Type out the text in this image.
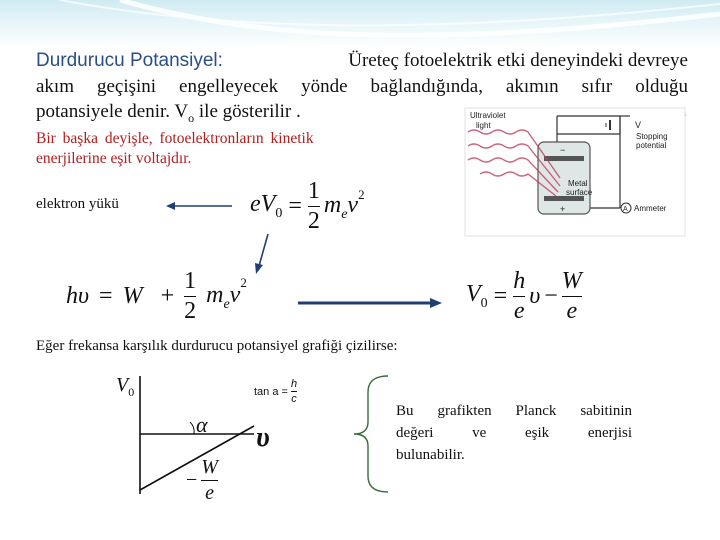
Durdurucu Potansiyel:	Üreteç fotoelektrik etki deneyindeki devreye
akım geçişini engelleyecek yönde bağlandığında, akımın sıfır olduğu
potansiyele denir. $V_o$ ile gösterilir .
Bir başka deyişle, fotoelektronların kinetik
enerjilerine eşit voltajdır.
Ultraviolet
light	V
Stopping
potential
−
+
Metal
surface
A Ammeter
elektron yükü	$eV_0 = \frac{1}{2} m_ev^2$
$h\upsilon = W + \frac{1}{2} m_ev^2$	$V_0 = \frac{h}{e}$ $\upsilon - \frac{W}{e}$
Eğer frekansa karşılık durdurucu potansiyel grafiği çizilirse:
$V_0$
α υ
$\tan a = \frac{h}{c}$
− $\frac{W}{e}$
Bu grafikten Planck sabitinin
değeri ve eşik enerjisi
bulunabilir.
